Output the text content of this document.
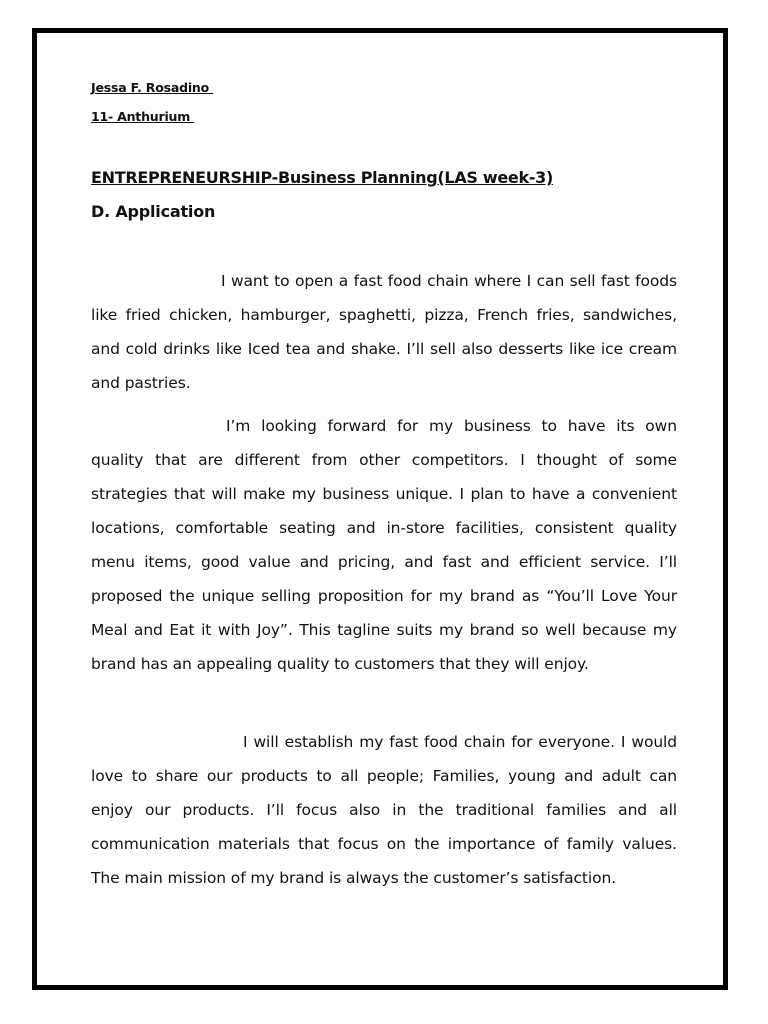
Jessa F. Rosadino
11- Anthurium
ENTREPRENEURSHIP-Business Planning(LAS week-3)
D. Application

I want to open a fast food chain where I can sell fast foods like fried chicken, hamburger, spaghetti, pizza, French fries, sandwiches, and cold drinks like Iced tea and shake. I’ll sell also desserts like ice cream and pastries.

I’m looking forward for my business to have its own quality that are different from other competitors. I thought of some strategies that will make my business unique. I plan to have a convenient locations, comfortable seating and in-store facilities, consistent quality menu items, good value and pricing, and fast and efficient service. I’ll proposed the unique selling proposition for my brand as “You’ll Love Your Meal and Eat it with Joy”. This tagline suits my brand so well because my brand has an appealing quality to customers that they will enjoy.

I will establish my fast food chain for everyone. I would love to share our products to all people; Families, young and adult can enjoy our products. I’ll focus also in the traditional families and all communication materials that focus on the importance of family values. The main mission of my brand is always the customer’s satisfaction.
